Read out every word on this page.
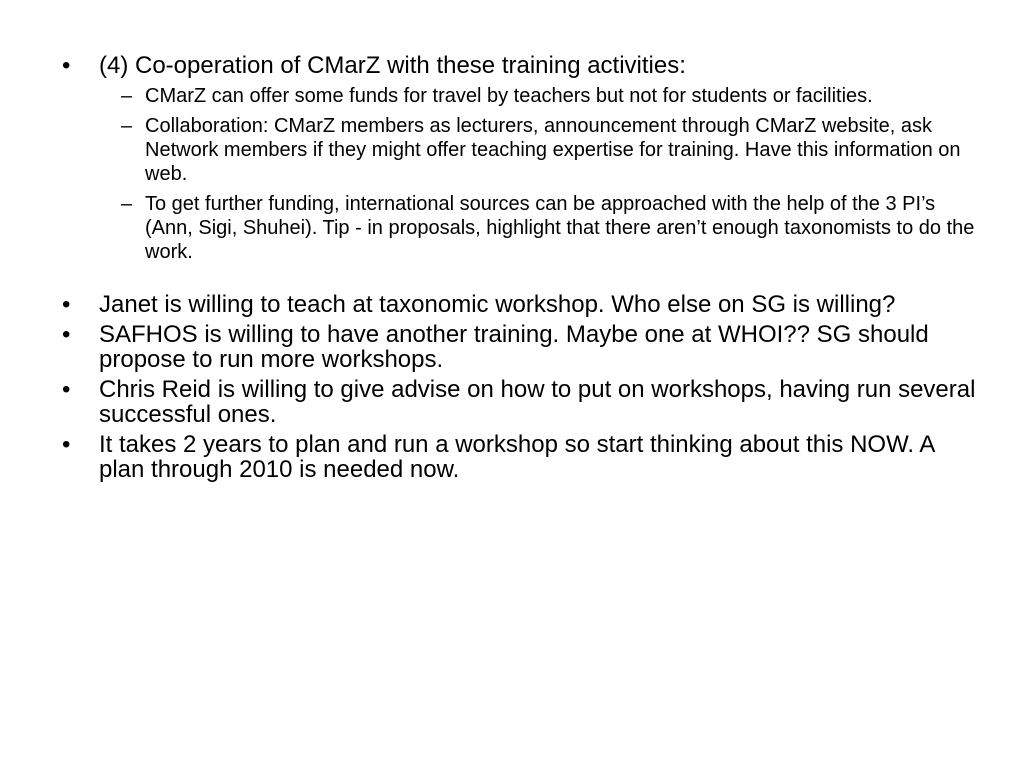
•	(4) Co-operation of CMarZ with these training activities:
– CMarZ can offer some funds for travel by teachers but not for students or facilities.
– Collaboration: CMarZ members as lecturers, announcement through CMarZ website, ask Network members if they might offer teaching expertise for training. Have this information on web.
– To get further funding, international sources can be approached with the help of the 3 PI’s (Ann, Sigi, Shuhei). Tip - in proposals, highlight that there aren’t enough taxonomists to do the work.
•	Janet is willing to teach at taxonomic workshop. Who else on SG is willing?
•	SAFHOS is willing to have another training. Maybe one at WHOI?? SG should propose to run more workshops.
•	Chris Reid is willing to give advise on how to put on workshops, having run several successful ones.
•	It takes 2 years to plan and run a workshop so start thinking about this NOW. A plan through 2010 is needed now.
